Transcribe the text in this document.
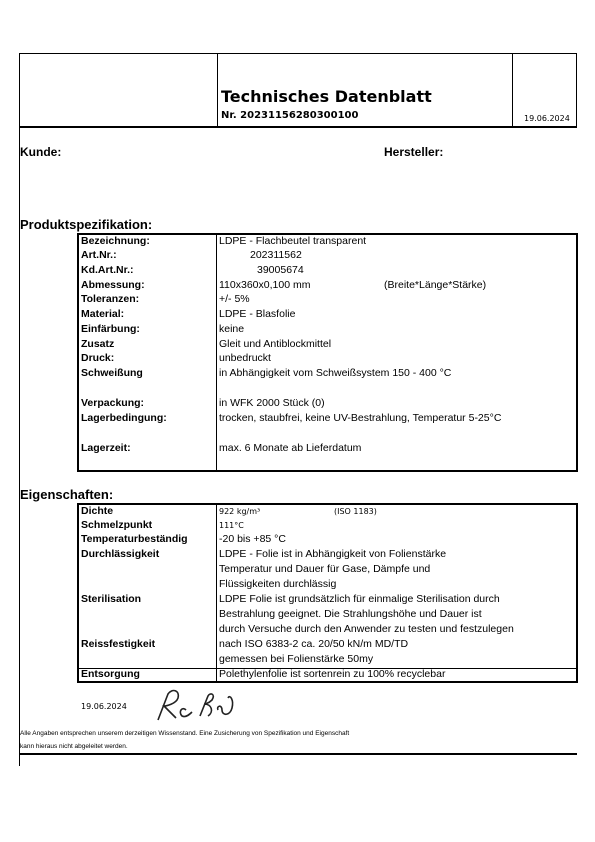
Technisches Datenblatt
Nr. 20231156280300100	19.06.2024
Kunde:	Hersteller:
Produktspezifikation:
Bezeichnung:	LDPE - Flachbeutel transparent
Art.Nr.:	202311562
Kd.Art.Nr.:	39005674
Abmessung:	110x360x0,100 mm	(Breite*Länge*Stärke)
Toleranzen:	+/- 5%
Material:	LDPE - Blasfolie
Einfärbung:	keine
Zusatz	Gleit und Antiblockmittel
Druck:	unbedruckt
Schweißung	in Abhängigkeit vom Schweißsystem 150 - 400 °C
Verpackung:	in WFK 2000 Stück (0)
Lagerbedingung:	trocken, staubfrei, keine UV-Bestrahlung, Temperatur 5-25°C
Lagerzeit:	max. 6 Monate ab Lieferdatum
Eigenschaften:
Dichte	922 kg/m³	(ISO 1183)
Schmelzpunkt	111°C
Temperaturbeständig	-20 bis +85 °C
Durchlässigkeit	LDPE - Folie ist in Abhängigkeit von Folienstärke
Temperatur und Dauer für Gase, Dämpfe und
Flüssigkeiten durchlässig
Sterilisation	LDPE Folie ist grundsätzlich für einmalige Sterilisation durch
Bestrahlung geeignet. Die Strahlungshöhe und Dauer ist
durch Versuche durch den Anwender zu testen und festzulegen
Reissfestigkeit	nach ISO 6383-2 ca. 20/50 kN/m MD/TD
gemessen bei Folienstärke 50my
Entsorgung	Polethylenfolie ist sortenrein zu 100% recyclebar
19.06.2024
Alle Angaben entsprechen unserem derzeitigen Wissenstand. Eine Zusicherung von Spezifikation und Eigenschaft
kann hieraus nicht abgeleitet werden.
